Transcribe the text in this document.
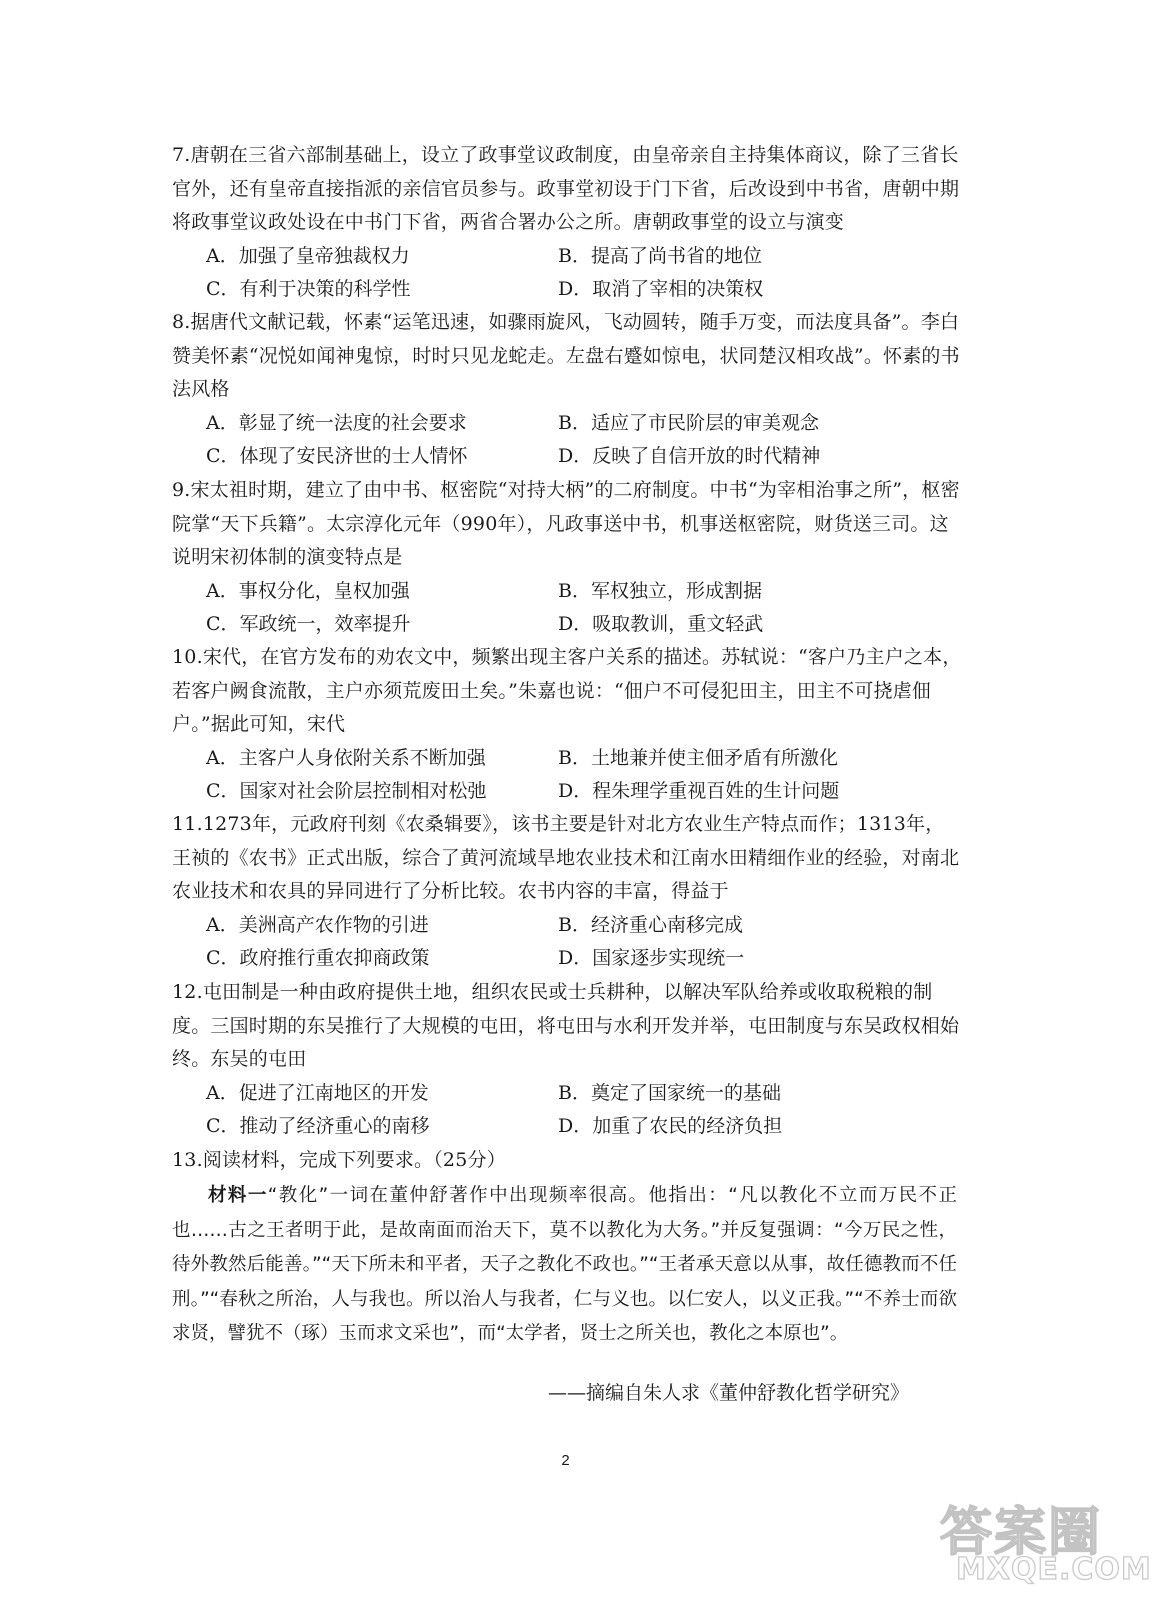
7.唐朝在三省六部制基础上，设立了政事堂议政制度，由皇帝亲自主持集体商议，除了三省长官外，还有皇帝直接指派的亲信官员参与。政事堂初设于门下省，后改设到中书省，唐朝中期将政事堂议政处设在中书门下省，两省合署办公之所。唐朝政事堂的设立与演变

A．加强了皇帝独裁权力	B．提高了尚书省的地位
C．有利于决策的科学性	D．取消了宰相的决策权

8.据唐代文献记载，怀素“运笔迅速，如骤雨旋风，飞动圆转，随手万变，而法度具备”。李白赞美怀素“况悦如闻神鬼惊，时时只见龙蛇走。左盘右蹙如惊电，状同楚汉相攻战”。怀素的书法风格

A．彰显了统一法度的社会要求	B．适应了市民阶层的审美观念
C．体现了安民济世的士人情怀	D．反映了自信开放的时代精神

9.宋太祖时期，建立了由中书、枢密院“对持大柄”的二府制度。中书“为宰相治事之所”，枢密院掌“天下兵籍”。太宗淳化元年（990年），凡政事送中书，机事送枢密院，财货送三司。这说明宋初体制的演变特点是

A．事权分化，皇权加强	B．军权独立，形成割据
C．军政统一，效率提升	D．吸取教训，重文轻武

10.宋代，在官方发布的劝农文中，频繁出现主客户关系的描述。苏轼说：“客户乃主户之本，若客户阙食流散，主户亦须荒废田土矣。”朱嘉也说：“佃户不可侵犯田主，田主不可挠虐佃户。”据此可知，宋代

A．主客户人身依附关系不断加强	B．土地兼并使主佃矛盾有所激化
C．国家对社会阶层控制相对松弛	D．程朱理学重视百姓的生计问题

11.1273年，元政府刊刻《农桑辑要》，该书主要是针对北方农业生产特点而作；1313年，王祯的《农书》正式出版，综合了黄河流域旱地农业技术和江南水田精细作业的经验，对南北农业技术和农具的异同进行了分析比较。农书内容的丰富，得益于

A．美洲高产农作物的引进	B．经济重心南移完成
C．政府推行重农抑商政策	D．国家逐步实现统一

12.屯田制是一种由政府提供土地，组织农民或士兵耕种，以解决军队给养或收取税粮的制度。三国时期的东吴推行了大规模的屯田，将屯田与水利开发并举，屯田制度与东吴政权相始终。东吴的屯田

A．促进了江南地区的开发	B．奠定了国家统一的基础
C．推动了经济重心的南移	D．加重了农民的经济负担

13.阅读材料，完成下列要求。（25分）

材料一“教化”一词在董仲舒著作中出现频率很高。他指出：“凡以教化不立而万民不正也……古之王者明于此，是故南面而治天下，莫不以教化为大务。”并反复强调：“今万民之性，待外教然后能善。”“天下所未和平者，天子之教化不政也。”“王者承天意以从事，故任德教而不任刑。”“春秋之所治，人与我也。所以治人与我者，仁与义也。以仁安人，以义正我。”“不养士而欲求贤，譬犹不（琢）玉而求文采也”，而“太学者，贤士之所关也，教化之本原也”。

——摘编自朱人求《董仲舒教化哲学研究》
2
答案圈
MXQE.COM
